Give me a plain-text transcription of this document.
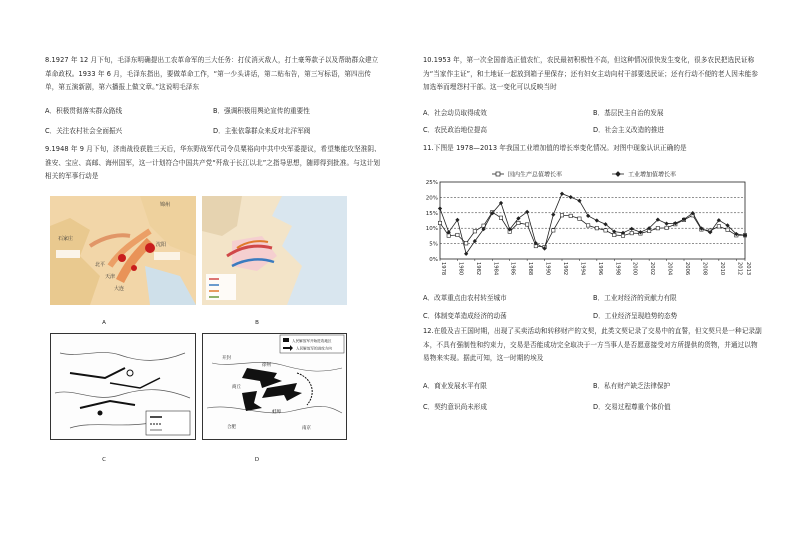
8.1927 年 12 月下旬，毛泽东明确提出工农革命军的三大任务：打仗消灭敌人，打土豪筹款子以及帮助群众建立革命政权。1933 年 6 月，毛泽东指出，要做革命工作，“第一少头讲话，第二贴布告，第三写标语，第四出传单，第五演新剧，第六播报上做文章。”这说明毛泽东
A．积极贯彻落实群众路线	B．强调积极用舆论宣传的重要性
C．关注农村社会全面振兴	D．主张依靠群众来反对北洋军阀
9.1948 年 9 月下旬，济南战役获胜三天后，华东野战军代司令员粟裕向中共中央军委提议，希望集能攻坚淮阴、淮安、宝应、高邮、海州国军，这一计划符合中国共产党“歼敌于长江以北”之指导思想，随即得到批准。与这计划相关的军事行动是
锦州
沈阳
大连
天津
北平
石家庄
A	B
C
人民解放军开始进攻地区
人民解放军的进攻方向
开封
徐州
商丘
蚌埠
合肥	南京
D
10.1953 年，第一次全国普选正值农忙，农民最初积极性不高，但这种情况很快发生变化，很多农民把选民证称为“当家作主证”，和土地证一起放到箱子里保存；还有妇女主动向村干部要选民证；还有行动不便的老人因未能参加选举而埋怨村干部。这一变化可以反映当时
A．社会动员取得成效	B．基层民主自治的发展
C．农民政治地位提高	D．社会主义改造的推进
11.下图是 1978—2013 年我国工业增加值的增长率变化情况。对图中现象认识正确的是
国内生产总值增长率	工业增加值增长率
0%
5%
10%
15%
20%
25%
1978 1980 1982 1984 1986 1988 1990 1992 1994 1996 1998 2000 2002 2004 2006 2008 2010 2012 2013
A．改革重点由农村转至城市	B．工业对经济的贡献力有限
C．体制变革造成经济的动荡	D．工业经济呈现趋势的态势
12.在殷及吉王国时期，出现了买卖活动和转移财产的文契，此类文契记录了交易中的直誓，但文契只是一种记录副本，不具有强制性和约束力，交易是否能成功完全取决于一方当事人是否愿意接受对方所提供的货物，并通过以物易物来实现。据此可知，这一时期的埃及
A．商业发展水平有限	B．私有财产缺乏法律保护
C．契约意识尚未形成	D．交易过程尊重个体价值
